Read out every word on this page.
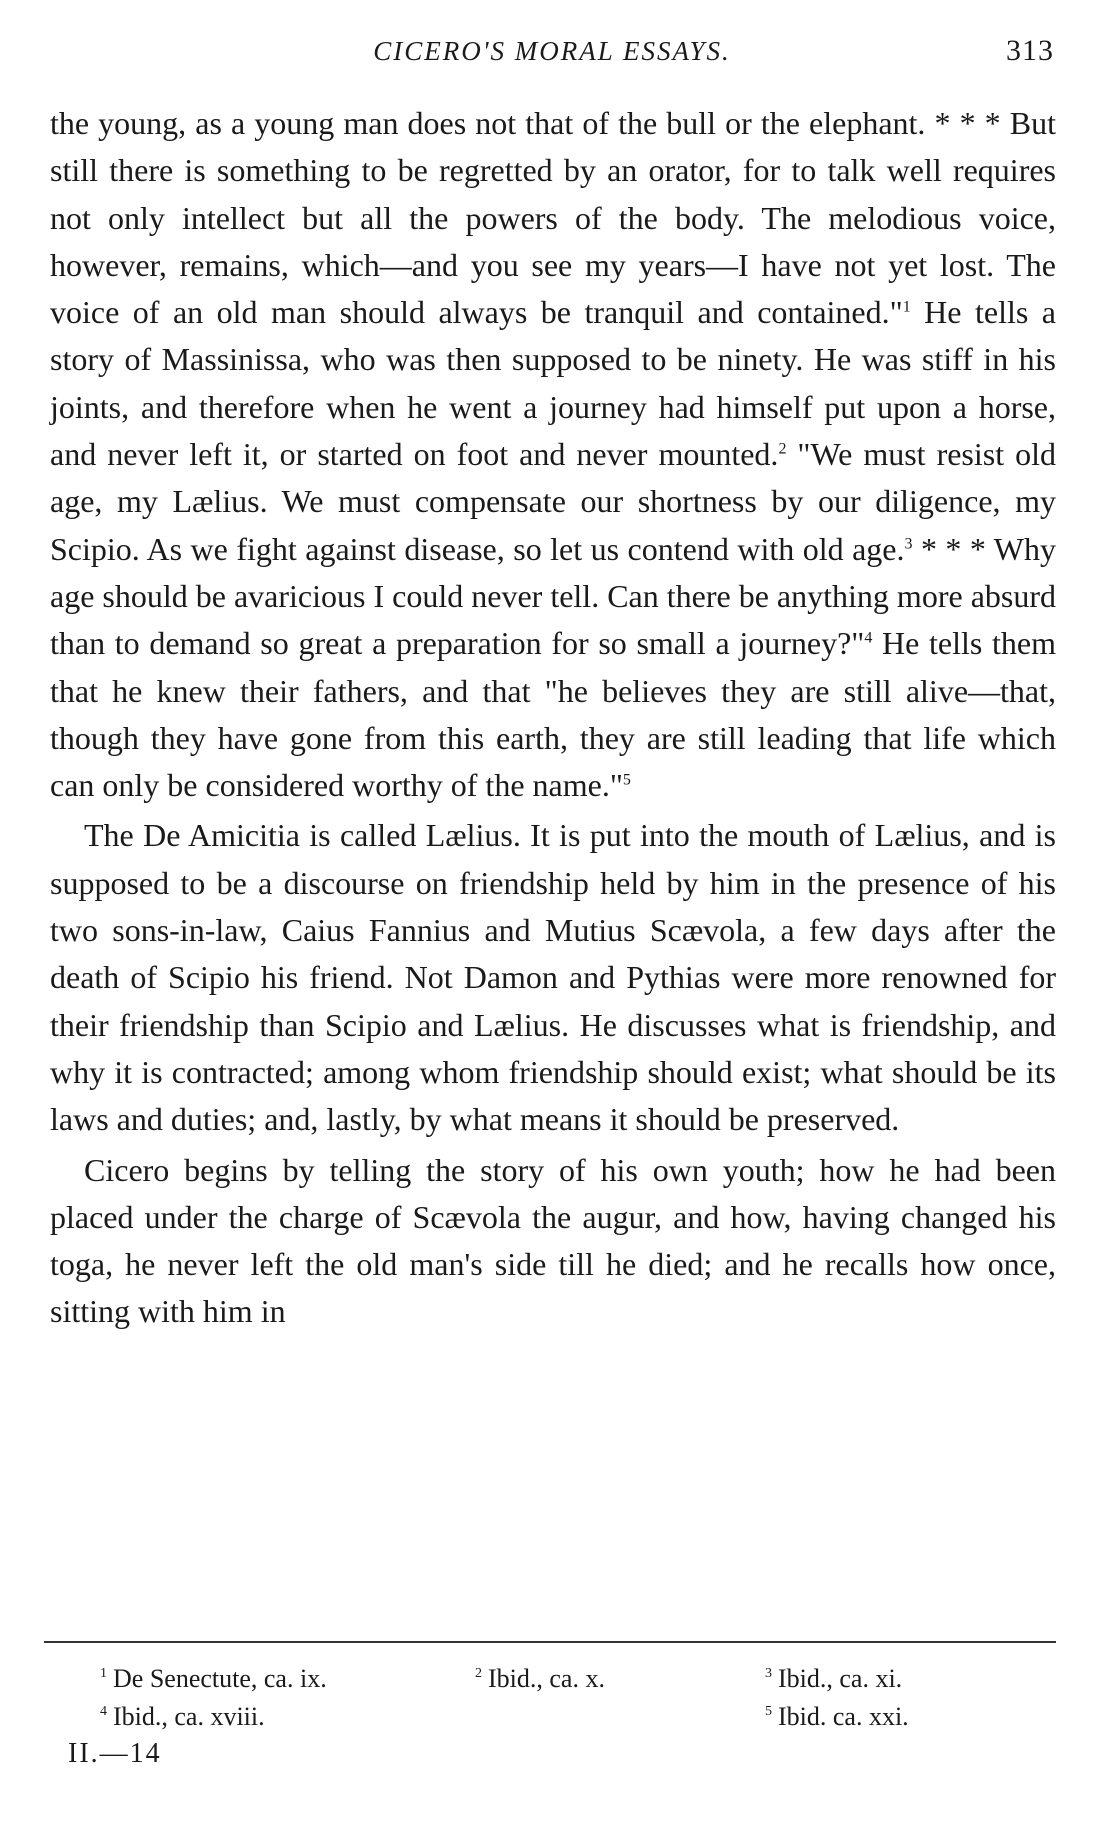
CICERO'S MORAL ESSAYS.	313

the young, as a young man does not that of the bull or the elephant. * * * But still there is something to be regretted by an orator, for to talk well requires not only intellect but all the powers of the body. The melodious voice, however, remains, which—and you see my years—I have not yet lost. The voice of an old man should always be tranquil and contained."$^1$ He tells a story of Massinissa, who was then supposed to be ninety. He was stiff in his joints, and therefore when he went a journey had himself put upon a horse, and never left it, or started on foot and never mounted.$^2$ "We must resist old age, my Lælius. We must compensate our shortness by our diligence, my Scipio. As we fight against disease, so let us contend with old age.$^3$ * * * Why age should be avaricious I could never tell. Can there be anything more absurd than to demand so great a preparation for so small a journey?"$^4$ He tells them that he knew their fathers, and that "he believes they are still alive—that, though they have gone from this earth, they are still leading that life which can only be considered worthy of the name."$^5$

The De Amicitia is called Lælius. It is put into the mouth of Lælius, and is supposed to be a discourse on friendship held by him in the presence of his two sons-in-law, Caius Fannius and Mutius Scævola, a few days after the death of Scipio his friend. Not Damon and Pythias were more renowned for their friendship than Scipio and Lælius. He discusses what is friendship, and why it is contracted; among whom friendship should exist; what should be its laws and duties; and, lastly, by what means it should be preserved.

Cicero begins by telling the story of his own youth; how he had been placed under the charge of Scævola the augur, and how, having changed his toga, he never left the old man's side till he died; and he recalls how once, sitting with him in

$^1$ De Senectute, ca. ix.	$^2$ Ibid., ca. x.	$^3$ Ibid., ca. xi.
$^4$ Ibid., ca. xviii.	$^5$ Ibid. ca. xxi.
II.—14
